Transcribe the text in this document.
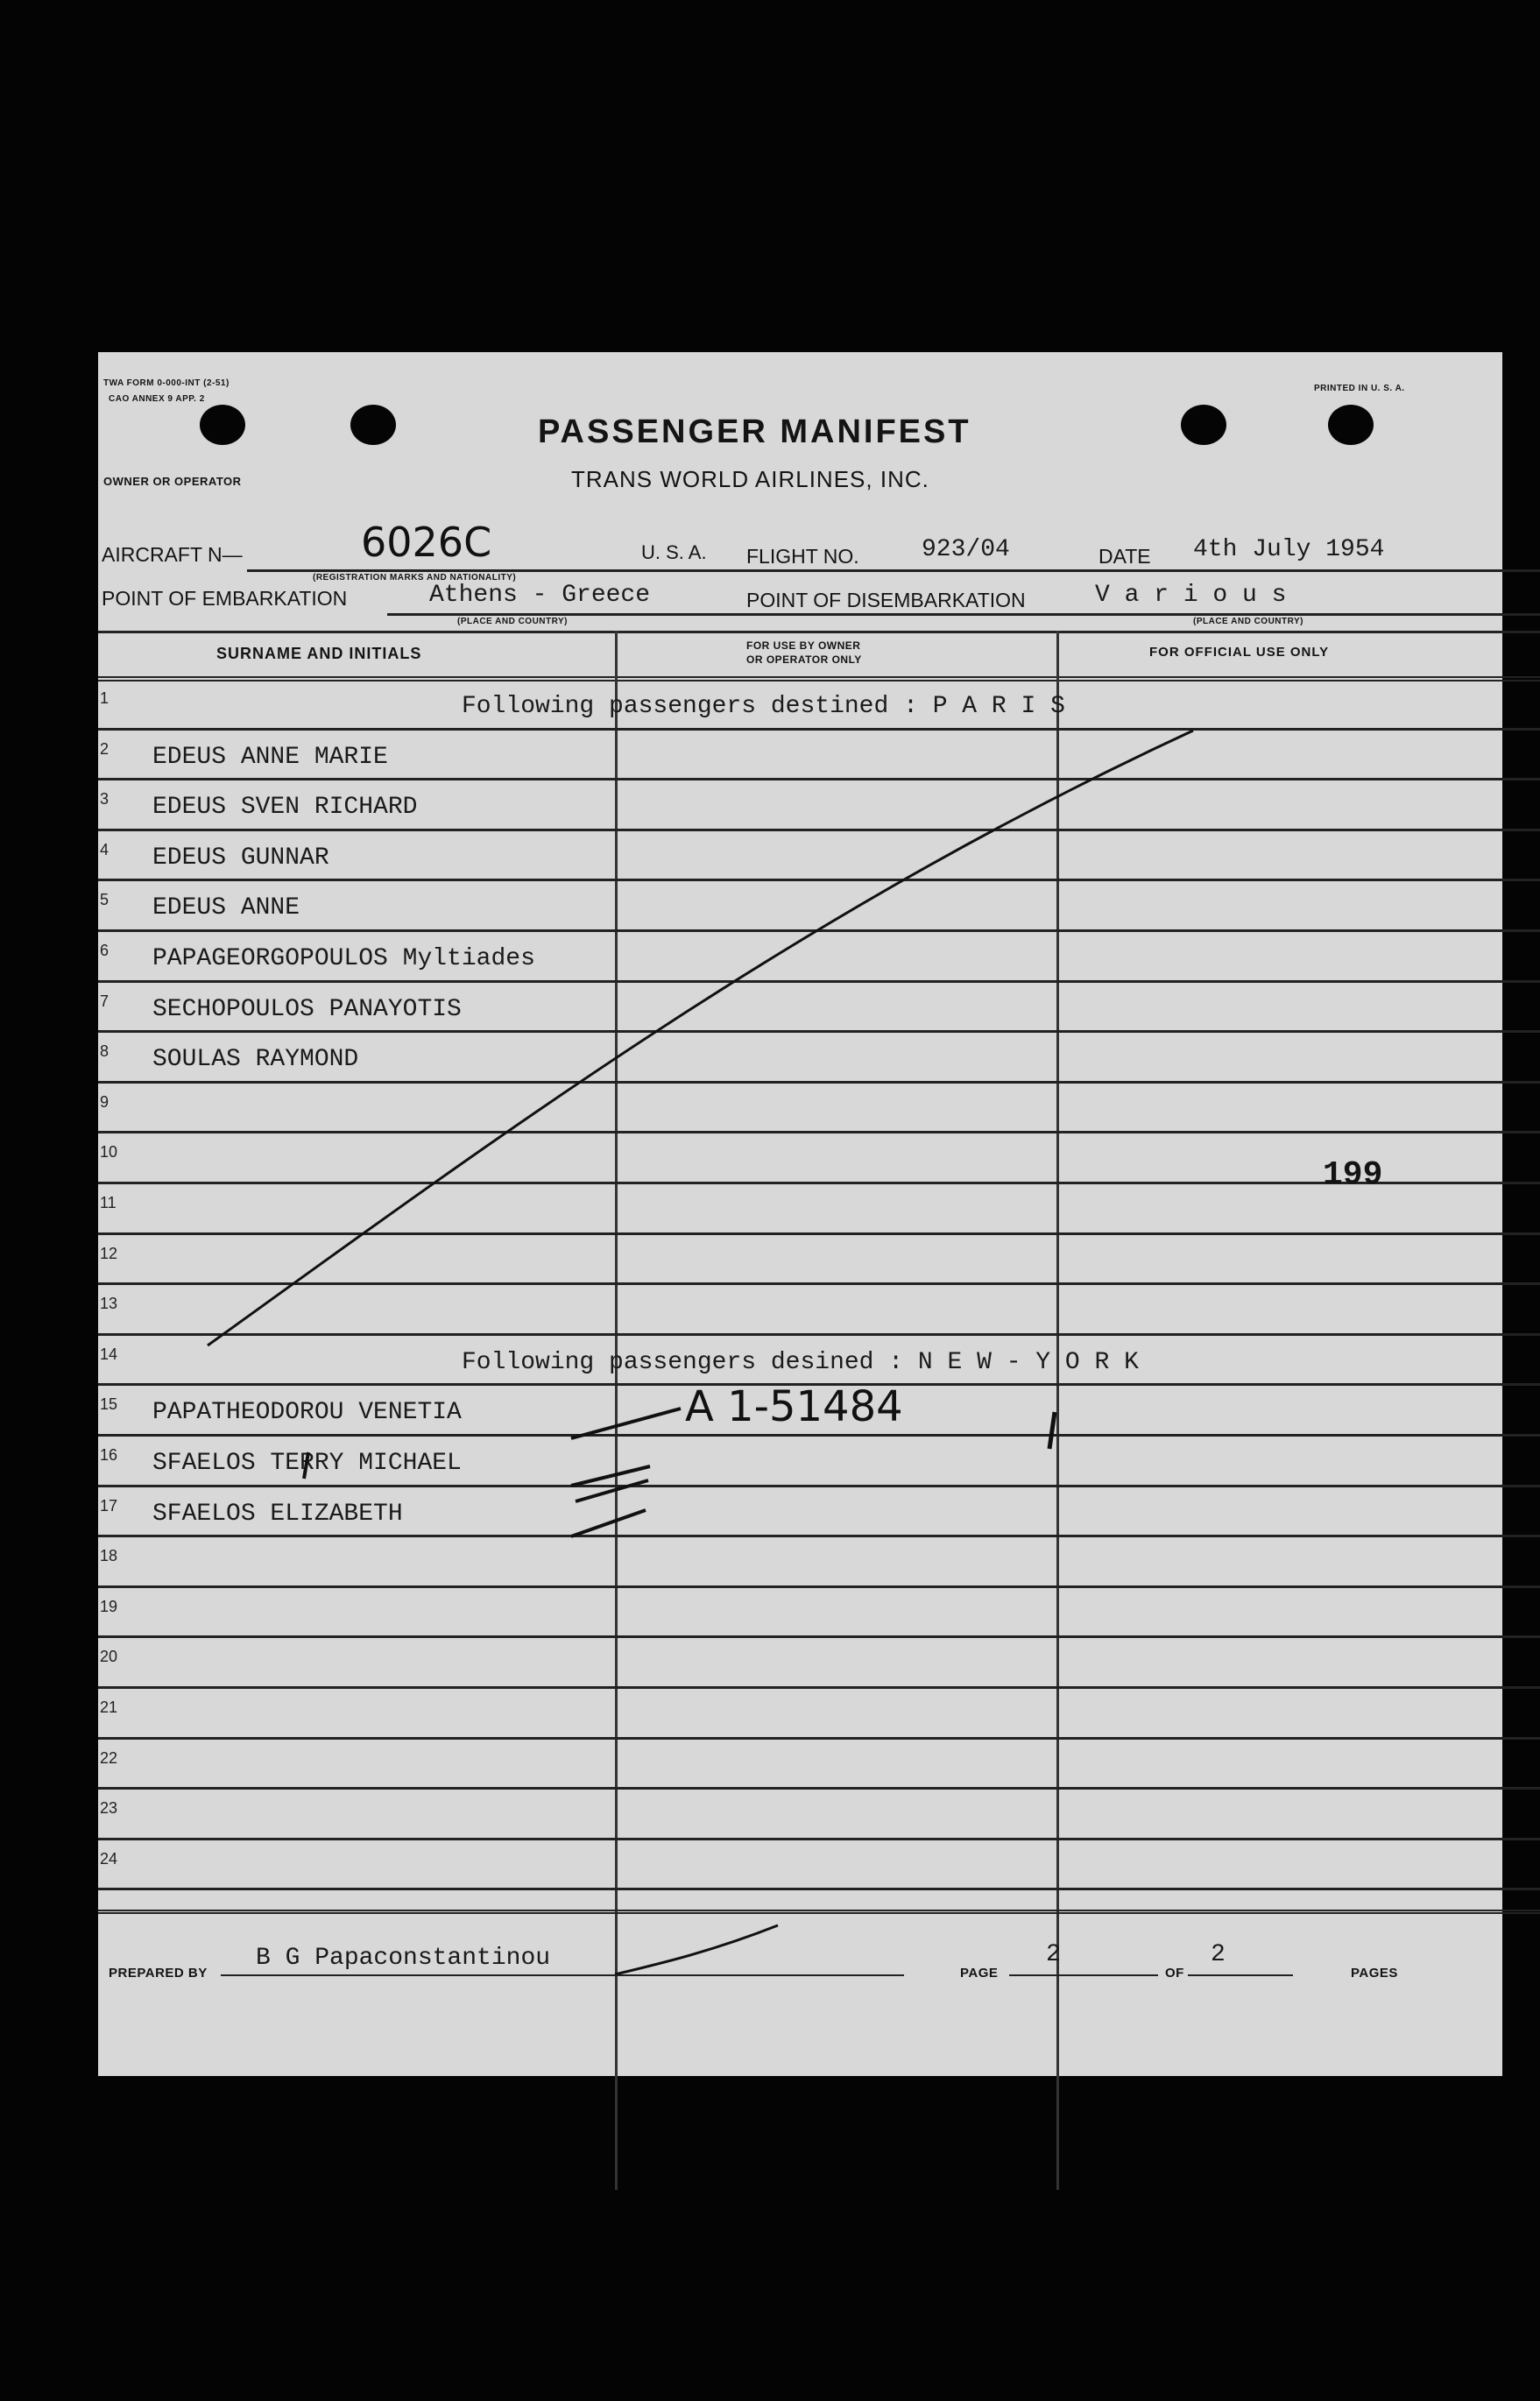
TWA FORM 0-000-INT (2-51)
CAO ANNEX 9 APP. 2
PRINTED IN U. S. A.
PASSENGER MANIFEST
TRANS WORLD AIRLINES, INC.
OWNER OR OPERATOR
AIRCRAFT N—	6026C	U. S. A. FLIGHT NO.	923/04	DATE 4th July 1954
(REGISTRATION MARKS AND NATIONALITY)
POINT OF EMBARKATION	Athens - Greece	POINT OF DISEMBARKATION	V a r i o u s
(PLACE AND COUNTRY)	(PLACE AND COUNTRY)
SURNAME AND INITIALS	FOR USE BY OWNER
OR OPERATOR ONLY	FOR OFFICIAL USE ONLY
1	Following passengers destined : P A R I S
2 EDEUS ANNE MARIE
3 EDEUS SVEN RICHARD
4 EDEUS GUNNAR
5 EDEUS ANNE
6 PAPAGEORGOPOULOS Myltiades
7 SECHOPOULOS PANAYOTIS
8 SOULAS RAYMOND
9
10
11
12
13
14	Following passengers desined : N E W - Y O R K
15 PAPATHEODOROU VENETIA
16 SFAELOS TERRY MICHAEL
17 SFAELOS ELIZABETH
18
19
20
21
22
23
24
199
A 1-51484
PREPARED BY
B G Papaconstantinou
PAGE
2
OF
2
PAGES
